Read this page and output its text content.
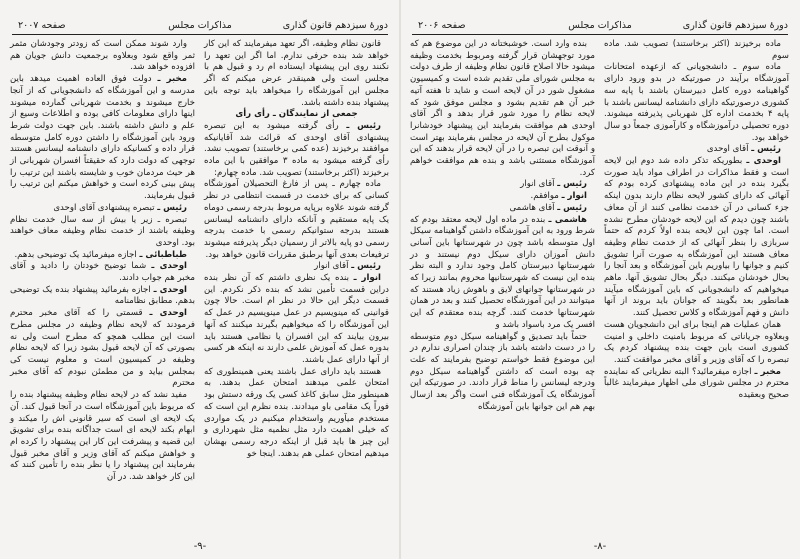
دورهٔ سیزدهم قانون گذاری
مذاکرات مجلس
صفحه ۲۰۰۷

قانون نظام وظیفه، اگر تعهد میفرمایند که این کار خواهد شد بنده حرفی ندارم. اما اگر این تعهد را نکنند روی این پیشنهاد ایستاده ام رد و قبول هم با مجلس است ولی همینقدر عرض میکنم که اگر مجلس این آموزشگاه را میخواهد باید توجه باین پیشنهاد بنده داشته باشد.

جمعی از نمایندگان ـ رأی رأی

رئیس ـ رأی گرفته میشود به این تبصره پیشنهادی آقای اوحدی که قرائت شد آقایانیکه موافقند برخیزند (عده کمی برخاستند) تصویب نشد. رأی گرفته میشود به ماده ۳ موافقین با این ماده برخیزند (اکثر برخاستند) تصویب شد. ماده چهارم:

ماده چهارم ـ پس از فارغ التحصیلان آموزشگاه کسانی که برای خدمت در قسمت انتظامی در نظر گرفته شوند علاوه برپایه مربوط بدرجه رسمی دوماه یک پایه مستقیم و آنانکه دارای دانشنامه لیسانس هستند بدرجه ستوانیکم رسمی با خدمت بدرجه رسمی دو پایه بالاتر از رسمیان دیگر پذیرفته میشوند ترفیعات بعدی آنها برطبق مقررات قانون خواهد بود.

رئیس ـ آقای انوار

انوار ـ بنده یک نظری داشتم که آن نظر بنده دراین قسمت تأمین نشد که بنده ذکر نکردم. این قسمت دیگر این حالا در نظر ام است. حالا چون قوانینی که مینویسیم در عمل مینویسیم در عمل که این آموزشگاه را که میخواهیم بگیرند میکنند که آنها بیرون بیایند که این افسران یا نظامی هستند باید بدوره عمل که آموزش علمی دارند نه اینکه هر کسی از آنها دارای عمل باشند.

هستند باید دارای عمل باشند یعنی همینطوری که امتحان علمی میدهند امتحان عمل بدهند. به همینطور مثل سابق کاغذ کسی یک ورقه دستش بود فوراً یک مقامی باو میدادند. بنده نظرم این است که مستخدم میآوریم واستخدام میکنیم در یک مواردی که خیلی اهمیت دارد مثل نظمیه مثل شهرداری و این چیز ها باید قبل از اینکه درجه رسمی بهشان میدهیم امتحان عملی هم بدهند. اینجا خو

وارد شوند ممکن است که زودتر وجودشان مثمر ثمر واقع شود وبعلاوه برجمعیت دانش جویان هم افزوده خواهد شد.

مخبر ـ دولت فوق العاده اهمیت میدهد باین مدرسه و این آموزشگاه که دانشجویانی که از آنجا خارج میشوند و بخدمت شهربانی گمارده میشوند اینها دارای معلومات کافی بوده و اطلاعات وسیع از علم و دانش داشته باشند. باین جهت دولت شرط ورود باین آموزشگاه را داشتن دوره کامل متوسطه قرار داده و کسانیکه دارای دانشنامه لیسانس هستند توجهی که دولت دارد که حقیقتاً افسران شهربانی از هر حیث مردمان خوب و شایسته باشند این ترتیب را پیش بینی کرده است و خواهش میکنم این ترتیب را قبول بفرمایند.

رئیس ـ تبصره پیشنهادی آقای اوحدی

تبصره ـ زیر یا بیش از سه سال خدمت نظام وظیفه باشند از خدمت نظام وظیفه معاف خواهند بود. اوحدی

طباطبائی ـ اجازه میفرمائید یک توضیحی بدهم.

اوحدی ـ شما توضیح خودتان را دادید و آقای مخبر هم جواب دادند.

اوحدی ـ اجازه بفرمائید پیشنهاد بنده یک توضیحی بدهم. مطابق نظامنامه

اوحدی ـ قسمتی را که آقای مخبر محترم فرمودند که لایحه نظام وظیفه در مجلس مطرح است این مطلب همچو که مطرح است ولی نه بصورتی که آن لایحه قبول بشود زیرا که لایحه نظام وظیفه در کمیسیون است و معلوم نیست کی بمجلس بیاید و من مطمئن نبودم که آقای مخبر محترم

مفید نشد که در لایحه نظام وظیفه پیشنهاد بنده را که مربوط باین آموزشگاه است در آنجا قبول کند. آن یک لایحه ای است که سیر قانونی اش را میکند و ابهام بکند لایحه ای است جداگانه بنده برای تشویق این قضیه و پیشرفت این کار این پیشنهاد را کرده ام و خواهش میکنم که آقای وزیر و آقای مخبر قبول بفرمایند این پیشنهاد را یا نظر بنده را تأمین کنند که این کار خواهد شد. در آن

-۹-
دورهٔ سیزدهم قانون گذاری
مذاکرات مجلس
صفحه ۲۰۰۶

ماده برخیزند (اکثر برخاستند) تصویب شد. ماده سوم

ماده سوم ـ دانشجویانی که ازعهده امتحانات آموزشگاه برآیند در صورتیکه در بدو ورود دارای گواهینامه دوره کامل دبیرستان باشند با پایه سه کشوری درصورتیکه دارای دانشنامه لیسانس باشند با پایه ۴ بخدمت اداره کل شهربانی پذیرفته میشوند. دوره تحصیلی درآموزشگاه و کارآموزی جمعاً دو سال خواهد بود.

رئیس ـ آقای اوحدی

اوحدی ـ بطوریکه تذکر داده شد دوم این لایحه است و فقط مذاکرات در اطراف مواد باید صورت بگیرد بنده در این ماده پیشنهادی کرده بودم که آنهائی که دارای کشور لایحه نظام دارند بدون اینکه جزء کسانی در آن خدمت نظامی کنند از آن معاف باشند چون دیدم که این لایحه خودشان مطرح نشده است. اما چون این لایحه بنده اولاً کردم که حتماً سربازی را بنظر آنهائی که از خدمت نظام وظیفه معاف هستند این آموزشگاه به صورت آنرا تشویق کنیم و جوانها را بیاوریم باین آموزشگاه و بعد آنجا را بحال خودشان میکنند. دیگر بحال تشویق آنها. ماهم میخواهیم که دانشجویانی که باین آموزشگاه میآیند همانطور بعد بگویند که جوانان باید بروند از آنها دانش و فهم آموزشگاه و کلاس تحصیل کنند.

همان عملیات هم اینجا برای این دانشجویان هست وبعلاوه جریاناتی که مربوط بامنیت داخلی و امنیت کشوری است باین جهت بنده پیشنهاد کردم یک تبصره را که آقای وزیر و آقای مخبر موافقت کنند.

مخبر ـ اجازه میفرمائید؟ البته نظریاتی که نماینده محترم در مجلس شورای ملی اظهار میفرمایند غالباً صحیح وبعقیده

بنده وارد است. خوشبختانه در این موضوع هم که مورد توجهشان قرار گرفته ومربوط بخدمت وظیفه میشود حالا اصلاح قانون نظام وظیفه از طرف دولت به مجلس شورای ملی تقدیم شده است و کمیسیون مشغول شور در آن لایحه است و شاید تا هفته آتیه خبر آن هم تقدیم بشود و مجلس موفق شود که لایحه نظام را مورد شور قرار بدهد و اگر آقای اوحدی هم موافقت بفرمایند این پیشنهاد خودشانرا موکول بطرح آن لایحه در مجلس بفرمایند بهتر است و آنوقت این تبصره را در آن لایحه قرار بدهند که این آموزشگاه مستثنی باشد و بنده هم موافقت خواهم کرد.

رئیس ـ آقای انوار

انوار ـ موافقم.

رئیس ـ آقای هاشمی

هاشمی ـ بنده در ماده اول لایحه معتقد بودم که شرط ورود به این آموزشگاه داشتن گواهینامه سیکل اول متوسطه باشد چون در شهرستانها باین آسانی دانش آموزان دارای سیکل دوم نیستند و در شهرستانها دبیرستان کامل وجود ندارد و البته نظر بنده این نیست که شهرستانیها محروم بمانند زیرا که در شهرستانها جوانهای لایق و باهوش زیاد هستند که میتوانند در این آموزشگاه تحصیل کنند و بعد در همان شهرستانها خدمت کنند. گرچه بنده معتقدم که این افسر یک مرد باسواد باشد و

حتماً باید تصدیق و گواهینامه سیکل دوم متوسطه را در دست داشته باشد باز چندان اصراری ندارم در این موضوع فقط خواستم توضیح بفرمایند که علت چه بوده است که داشتن گواهینامه سیکل دوم ودرجه لیسانس را مناط قرار دادند. در صورتیکه این آموزشگاه یک آموزشگاه فنی است واگر بعد ازسال بهم هم این جوانها باین آموزشگاه

-۸-
